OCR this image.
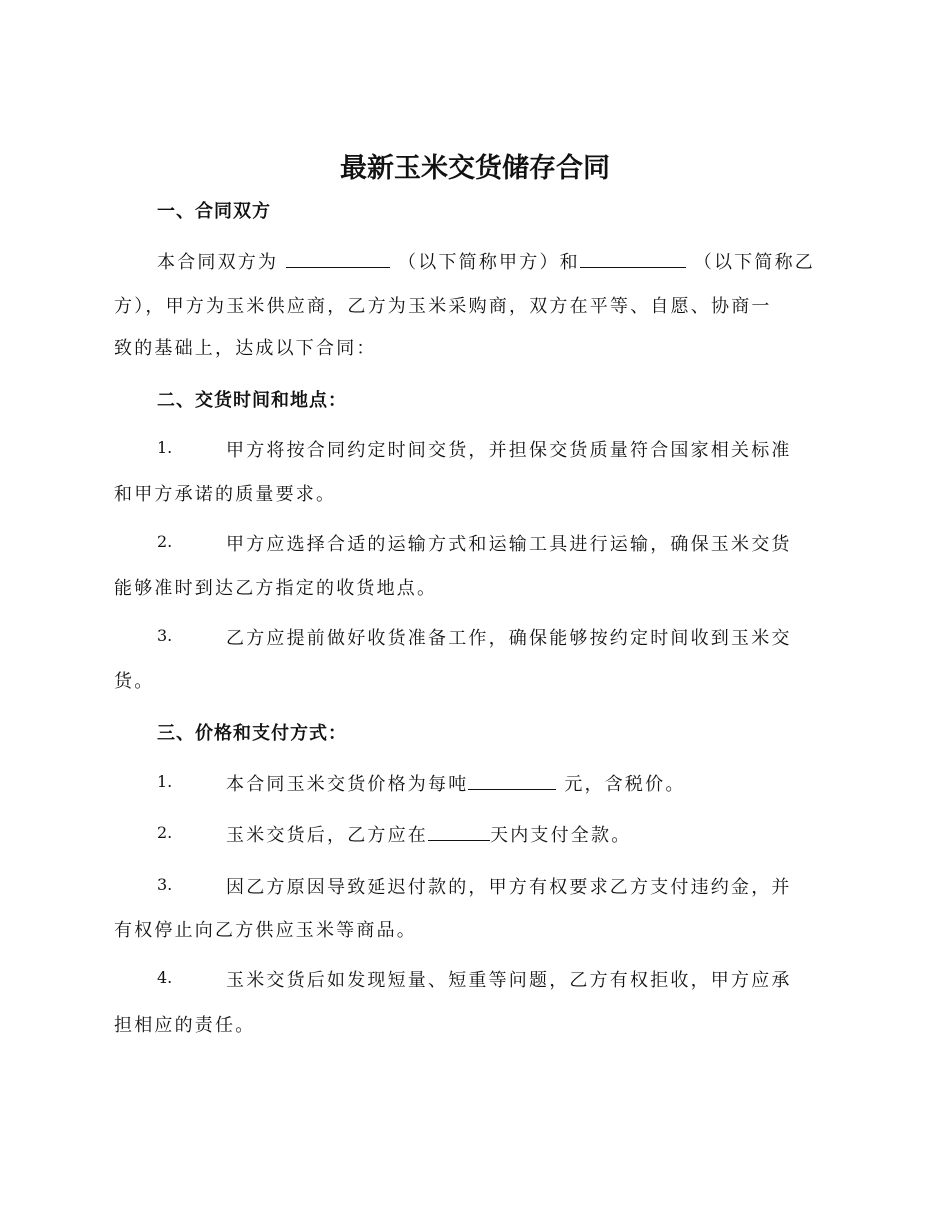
最新玉米交货储存合同
一、合同双方
本合同双方为	（以下简称甲方）和	（以下简称乙
方），甲方为玉米供应商，乙方为玉米采购商，双方在平等、自愿、协商一
致的基础上，达成以下合同：
二、交货时间和地点：
1.	甲方将按合同约定时间交货，并担保交货质量符合国家相关标准
和甲方承诺的质量要求。
2.	甲方应选择合适的运输方式和运输工具进行运输，确保玉米交货
能够准时到达乙方指定的收货地点。
3.	乙方应提前做好收货准备工作，确保能够按约定时间收到玉米交
货。
三、价格和支付方式：
1.	本合同玉米交货价格为每吨	元，含税价。
2.	玉米交货后，乙方应在	天内支付全款。
3.	因乙方原因导致延迟付款的，甲方有权要求乙方支付违约金，并
有权停止向乙方供应玉米等商品。
4.	玉米交货后如发现短量、短重等问题，乙方有权拒收，甲方应承
担相应的责任。
